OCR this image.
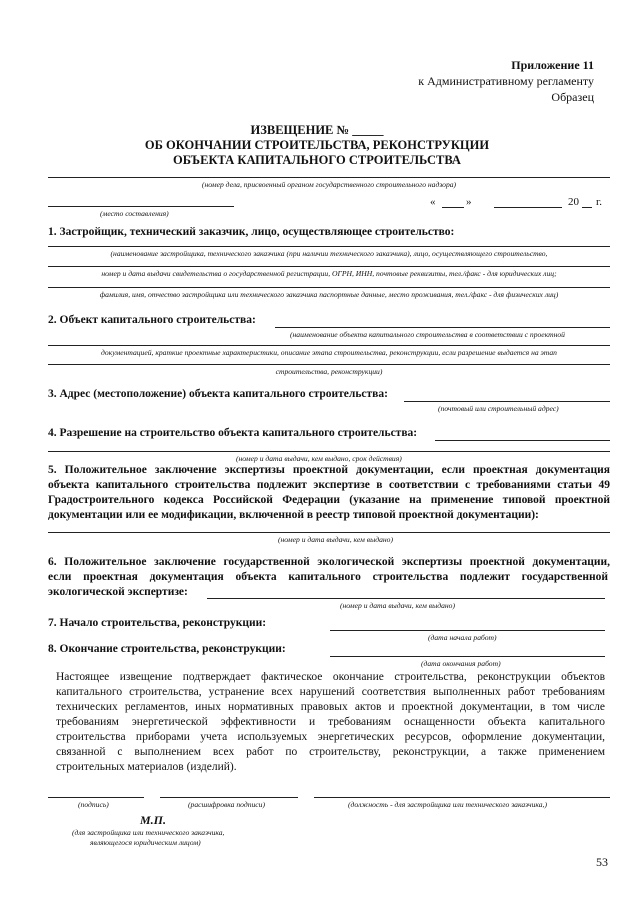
Приложение 11
к Административному регламенту
Образец
ИЗВЕЩЕНИЕ № _____
ОБ ОКОНЧАНИИ СТРОИТЕЛЬСТВА, РЕКОНСТРУКЦИИ
ОБЪЕКТА КАПИТАЛЬНОГО СТРОИТЕЛЬСТВА
(номер дела, присвоенный органом государственного строительного надзора)
(место составления)
«	»	20 г.
1. Застройщик, технический заказчик, лицо, осуществляющее строительство:
(наименование застройщика, технического заказчика (при наличии технического заказчика), лицо, осуществляющего строительство,
номер и дата выдачи свидетельства о государственной регистрации, ОГРН, ИНН, почтовые реквизиты, тел./факс - для юридических лиц;
фамилия, имя, отчество застройщика или технического заказчика паспортные данные, место проживания, тел./факс - для физических лиц)
2. Объект капитального строительства:
(наименование объекта капитального строительства в соответствии с проектной
документацией, краткие проектные характеристики, описание этапа строительства, реконструкции, если разрешение выдается на этап
строительства, реконструкции)
3. Адрес (местоположение) объекта капитального строительства:
(почтовый или строительный адрес)
4. Разрешение на строительство объекта капитального строительства:
(номер и дата выдачи, кем выдано, срок действия)
5. Положительное заключение экспертизы проектной документации, если проектная документация
объекта капитального строительства подлежит экспертизе в соответствии с требованиями статьи 49
Градостроительного кодекса Российской Федерации (указание на применение типовой проектной
документации или ее модификации, включенной в реестр типовой проектной документации):
(номер и дата выдачи, кем выдано)
6. Положительное заключение государственной экологической экспертизы проектной документации,
если проектная документация объекта капитального строительства подлежит государственной
экологической экспертизе:
(номер и дата выдачи, кем выдано)
7. Начало строительства, реконструкции:
(дата начала работ)
8. Окончание строительства, реконструкции:
(дата окончания работ)
Настоящее извещение подтверждает фактическое окончание строительства, реконструкции объектов
капитального строительства, устранение всех нарушений соответствия выполненных работ требованиям
технических регламентов, иных нормативных правовых актов и проектной документации, в том числе
требованиям энергетической эффективности и требованиям оснащенности объекта капитального
строительства приборами учета используемых энергетических ресурсов, оформление документации,
связанной с выполнением всех работ по строительству, реконструкции, а также применением
строительных материалов (изделий).
(подпись)	(расшифровка подписи)	(должность - для застройщика или технического заказчика,)
М.П.
(для застройщика или технического заказчика,
являющегося юридическим лицом)
53
